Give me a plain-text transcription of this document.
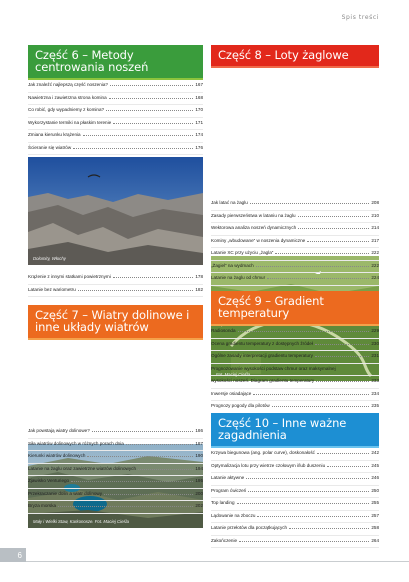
Spis treści
Część 6 – Metody centrowania noszeń
Jak znaleźć najlepszą część noszenia?	167
Nawietrzna i zawietrzna strona komina	168
Co robić, gdy wypadniemy z komina?	170
Wykorzystanie termiki na płaskim terenie	171
Zmiana kierunku krążenia	174
Ścieranie się wiatrów	176
Dolomity, Włochy
Krążenie z innymi statkami powietrznymi	178
Latanie bez wariometru	182
Część 7 – Wiatry dolinowe i inne układy wiatrów
Mały i Wielki Staw, Karkonosze. Fot. Maciej Cieśla
Jak powstają wiatry dolinowe?	186
Siła wiatrów dolinowych w różnych porach dnia	187
Kierunki wiatrów dolinowych	190
Latanie na żaglu oraz zawietrzne wiatrów dolinowych	194
Zjawisko Venturiego	195
Przekraczanie dolin a wiatr dolinowy	200
Bryza morska	202
Część 8 – Loty żaglowe
Fot. Maciej Cieśla
Jak latać na żaglu	208
Zasady pierwszeństwa w lataniu na żaglu	210
Wektorowa analiza noszeń dynamicznych	214
Kominy „wbudowane” w noszenia dynamiczne	217
Latanie XC przy użyciu „żagla”	222
„Żagiel” na wydmach	222
Latanie na żaglu od chmur	224
Część 9 – Gradient temperatury
Radiosonda	229
Ocena gradientu temperatury z dostępnych źródeł	230
Ogólne zasady interpretacji gradientu temperatury	231
Prognozowanie wysokości podstaw chmur oraz maksymalnej
wysokości noszeń. Diagram gradientu temperatury	233
Inwersje osiadające	234
Prognozy pogody dla pilotów	235
Część 10 – Inne ważne zagadnienia
Krzywa biegunowa (ang. polar curve), doskonałość	242
Optymalizacja lotu przy wietrze czołowym i/lub duszeniu	245
Latanie aktywne	246
Program ćwiczeń	250
Top landing	255
Lądowanie na zboczu	257
Latanie przełotów dla początkujących	258
Zakończenie	264
6
